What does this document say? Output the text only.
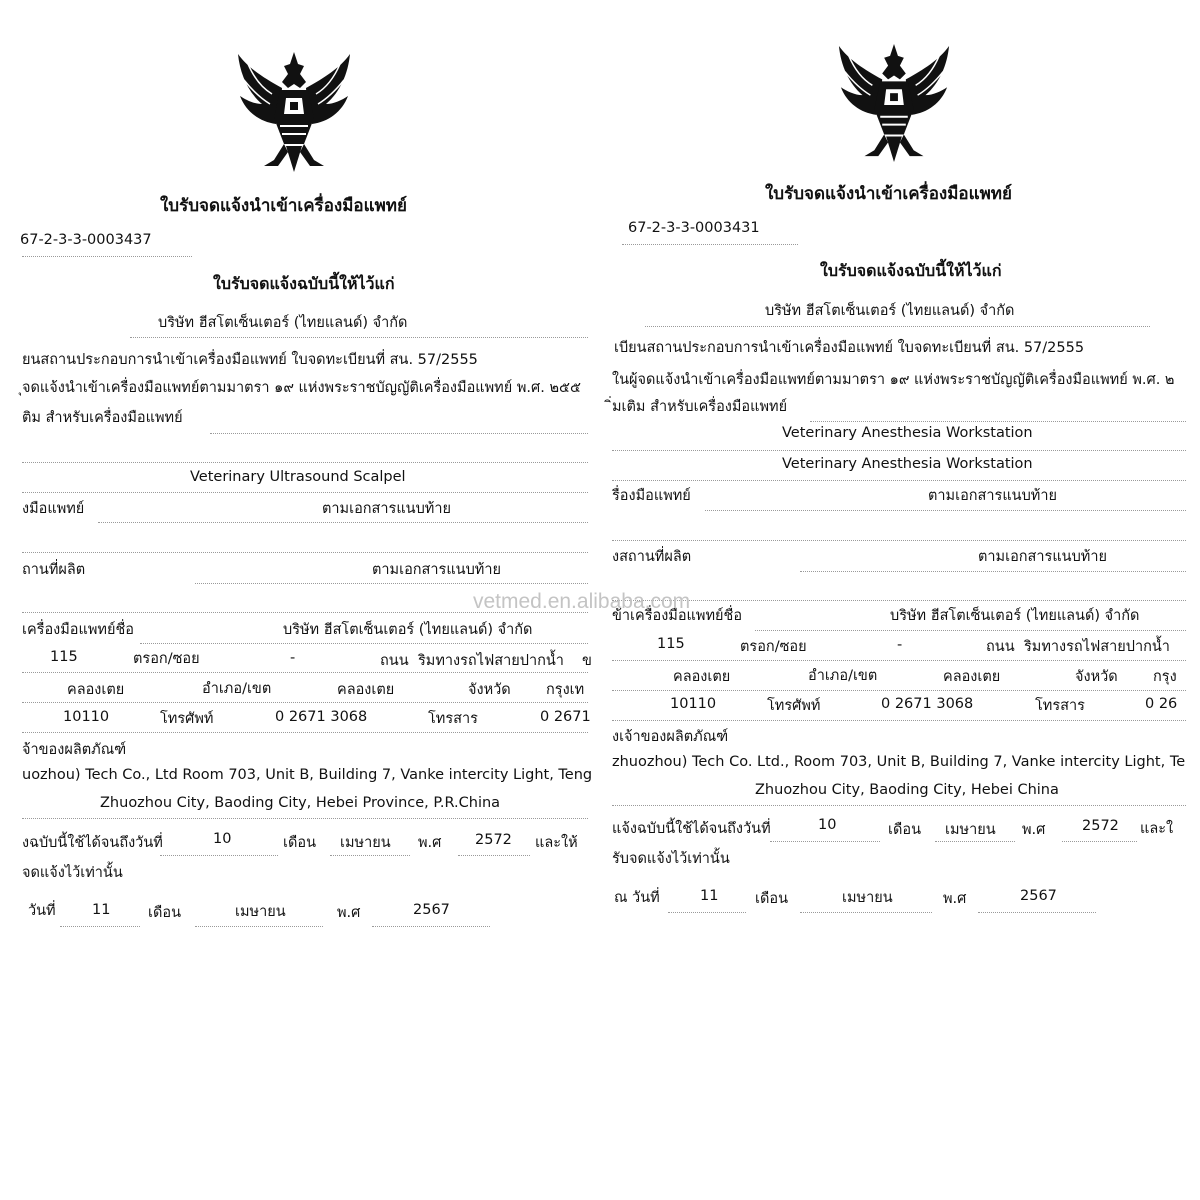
ใบรับจดแจ้งนำเข้าเครื่องมือแพทย์
67-2-3-3-0003437
ใบรับจดแจ้งฉบับนี้ให้ไว้แก่
บริษัท ฮีสโตเซ็นเตอร์ (ไทยแลนด์) จำกัด
ยนสถานประกอบการนำเข้าเครื่องมือแพทย์ ใบจดทะเบียนที่ สน. 57/2555
ุจดแจ้งนำเข้าเครื่องมือแพทย์ตามมาตรา ๑๙ แห่งพระราชบัญญัติเครื่องมือแพทย์ พ.ศ. ๒๕๕
ติม สำหรับเครื่องมือแพทย์
Veterinary Ultrasound Scalpel
งมือแพทย์	ตามเอกสารแนบท้าย
ถานที่ผลิต	ตามเอกสารแนบท้าย
เครื่องมือแพทย์ชื่อ	บริษัท ฮีสโตเซ็นเตอร์ (ไทยแลนด์) จำกัด
115	ตรอก/ซอย	-	ถนน ริมทางรถไฟสายปากน้ำ ข
คลองเตย	อำเภอ/เขต	คลองเตย	จังหวัด กรุงเท
10110	โทรศัพท์	0 2671 3068	โทรสาร	0 2671
จ้าของผลิตภัณฑ์
uozhou) Tech Co., Ltd Room 703, Unit B, Building 7, Vanke intercity Light, Teng
Zhuozhou City, Baoding City, Hebei Province, P.R.China
งฉบับนี้ใช้ได้จนถึงวันที่	10	เดือน เมษายน พ.ศ 2572 และให้
จดแจ้งไว้เท่านั้น
วันที่	11	เดือน	เมษายน	พ.ศ	2567
ใบรับจดแจ้งนำเข้าเครื่องมือแพทย์
67-2-3-3-0003431
ใบรับจดแจ้งฉบับนี้ให้ไว้แก่
บริษัท ฮีสโตเซ็นเตอร์ (ไทยแลนด์) จำกัด
เบียนสถานประกอบการนำเข้าเครื่องมือแพทย์ ใบจดทะเบียนที่ สน. 57/2555
ในผู้จดแจ้งนำเข้าเครื่องมือแพทย์ตามมาตรา ๑๙ แห่งพระราชบัญญัติเครื่องมือแพทย์ พ.ศ. ๒
ิ่มเติม สำหรับเครื่องมือแพทย์
Veterinary Anesthesia Workstation
Veterinary Anesthesia Workstation
รื่องมือแพทย์	ตามเอกสารแนบท้าย
งสถานที่ผลิต	ตามเอกสารแนบท้าย
ข้าเครื่องมือแพทย์ชื่อ	บริษัท ฮีสโตเซ็นเตอร์ (ไทยแลนด์) จำกัด
115	ตรอก/ซอย	-	ถนน ริมทางรถไฟสายปากน้ำ
คลองเตย	อำเภอ/เขต	คลองเตย	จังหวัด กรุง
10110	โทรศัพท์	0 2671 3068	โทรสาร	0 26
งเจ้าของผลิตภัณฑ์
zhuozhou) Tech Co. Ltd., Room 703, Unit B, Building 7, Vanke intercity Light, Te
Zhuozhou City, Baoding City, Hebei China
แจ้งฉบับนี้ใช้ได้จนถึงวันที่	10	เดือน เมษายน พ.ศ	2572 และใ
รับจดแจ้งไว้เท่านั้น
ณ วันที่	11	เดือน	เมษายน	พ.ศ	2567
vetmed.en.alibaba.com
